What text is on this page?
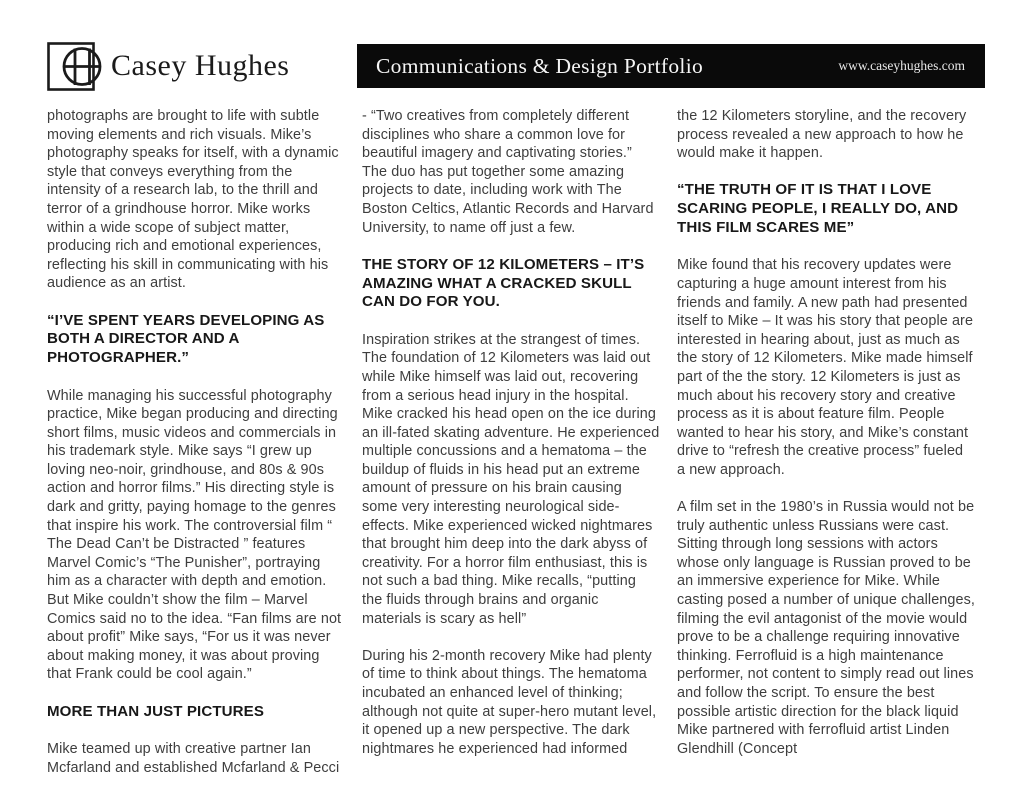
Casey Hughes	Communications & Design Portfolio	www.caseyhughes.com

photographs are brought to life with subtle moving elements and rich visuals. Mike’s photography speaks for itself, with a dynamic style that conveys everything from the intensity of a research lab, to the thrill and terror of a grindhouse horror. Mike works within a wide scope of subject matter, producing rich and emotional experiences, reflecting his skill in communicating with his audience as an artist.

“I’VE SPENT YEARS DEVELOPING AS BOTH A DIRECTOR AND A PHOTOGRAPHER.”

While managing his successful photography practice, Mike began producing and directing short films, music videos and commercials in his trademark style. Mike says “I grew up loving neo-noir, grindhouse, and 80s & 90s action and horror films.” His directing style is dark and gritty, paying homage to the genres that inspire his work. The controversial film “ The Dead Can’t be Distracted ” features Marvel Comic’s “The Punisher”, portraying him as a character with depth and emotion. But Mike couldn’t show the film – Marvel Comics said no to the idea. “Fan films are not about profit” Mike says, “For us it was never about making money, it was about proving that Frank could be cool again.”

MORE THAN JUST PICTURES

Mike teamed up with creative partner Ian Mcfarland and established Mcfarland & Pecci

- “Two creatives from completely different disciplines who share a common love for beautiful imagery and captivating stories.” The duo has put together some amazing projects to date, including work with The Boston Celtics, Atlantic Records and Harvard University, to name off just a few.

THE STORY OF 12 KILOMETERS – IT’S AMAZING WHAT A CRACKED SKULL CAN DO FOR YOU.

Inspiration strikes at the strangest of times. The foundation of 12 Kilometers was laid out while Mike himself was laid out, recovering from a serious head injury in the hospital. Mike cracked his head open on the ice during an ill-fated skating adventure. He experienced multiple concussions and a hematoma – the buildup of fluids in his head put an extreme amount of pressure on his brain causing some very interesting neurological side-effects. Mike experienced wicked nightmares that brought him deep into the dark abyss of creativity. For a horror film enthusiast, this is not such a bad thing. Mike recalls, “putting the fluids through brains and organic materials is scary as hell”

During his 2-month recovery Mike had plenty of time to think about things. The hematoma incubated an enhanced level of thinking; although not quite at super-hero mutant level, it opened up a new perspective. The dark nightmares he experienced had informed

the 12 Kilometers storyline, and the recovery process revealed a new approach to how he would make it happen.

“THE TRUTH OF IT IS THAT I LOVE SCARING PEOPLE, I REALLY DO, AND THIS FILM SCARES ME”

Mike found that his recovery updates were capturing a huge amount interest from his friends and family. A new path had presented itself to Mike – It was his story that people are interested in hearing about, just as much as the story of 12 Kilometers. Mike made himself part of the the story. 12 Kilometers is just as much about his recovery story and creative process as it is about feature film. People wanted to hear his story, and Mike’s constant drive to “refresh the creative process” fueled a new approach.

A film set in the 1980’s in Russia would not be truly authentic unless Russians were cast. Sitting through long sessions with actors whose only language is Russian proved to be an immersive experience for Mike. While casting posed a number of unique challenges, filming the evil antagonist of the movie would prove to be a challenge requiring innovative thinking. Ferrofluid is a high maintenance performer, not content to simply read out lines and follow the script. To ensure the best possible artistic direction for the black liquid Mike partnered with ferrofluid artist Linden Glendhill (Concept
